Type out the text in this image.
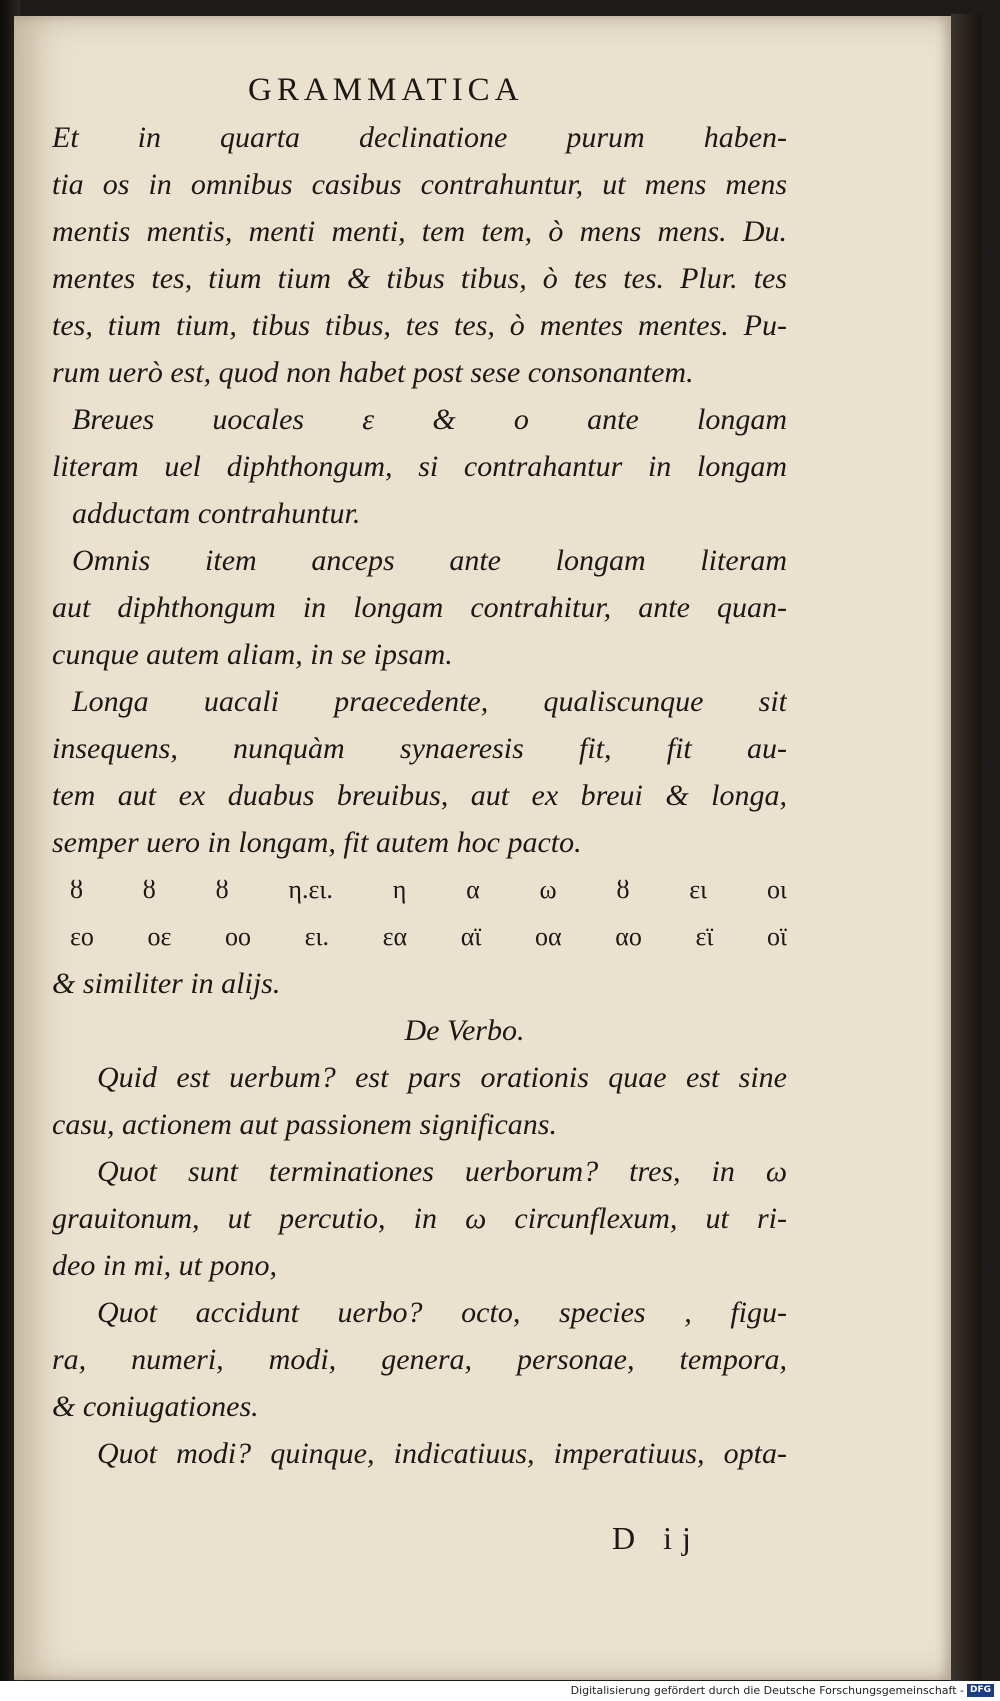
GRAMMATICA
Et in quarta declinatione purum haben-
tia os in omnibus casibus contrahuntur, ut mens mens
mentis mentis, menti menti, tem tem, ò mens mens. Du.
mentes tes, tium tium & tibus tibus, ò tes tes. Plur. tes
tes, tium tium, tibus tibus, tes tes, ò mentes mentes. Pu-
rum uerò est, quod non habet post sese consonantem.
Breues uocales ε & o ante longam
literam uel diphthongum, si contrahantur in longam
adductam contrahuntur.
Omnis item anceps ante longam literam
aut diphthongum in longam contrahitur, ante quan-
cunque autem aliam, in se ipsam.
Longa uacali praecedente, qualiscunque sit
insequens, nunquàm synaeresis fit, fit au-
tem aut ex duabus breuibus, aut ex breui & longa,
semper uero in longam, fit autem hoc pacto.
ȣ ȣ ȣ η.ει. η α ω ȣ ει οι
εο οε οο ει. εα αϊ οα αο εϊ οϊ
& similiter in alijs.
De Verbo.
Quid est uerbum? est pars orationis quae est sine
casu, actionem aut passionem significans.
Quot sunt terminationes uerborum? tres, in ω
grauitonum, ut percutio, in ω circunflexum, ut ri-
deo in mi, ut pono,
Quot accidunt uerbo? octo, species , figu-
ra, numeri, modi, genera, personae, tempora,
& coniugationes.
Quot modi? quinque, indicatiuus, imperatiuus, opta-
D ij
Digitalisierung gefördert durch die Deutsche Forschungsgemeinschaft - DFG
